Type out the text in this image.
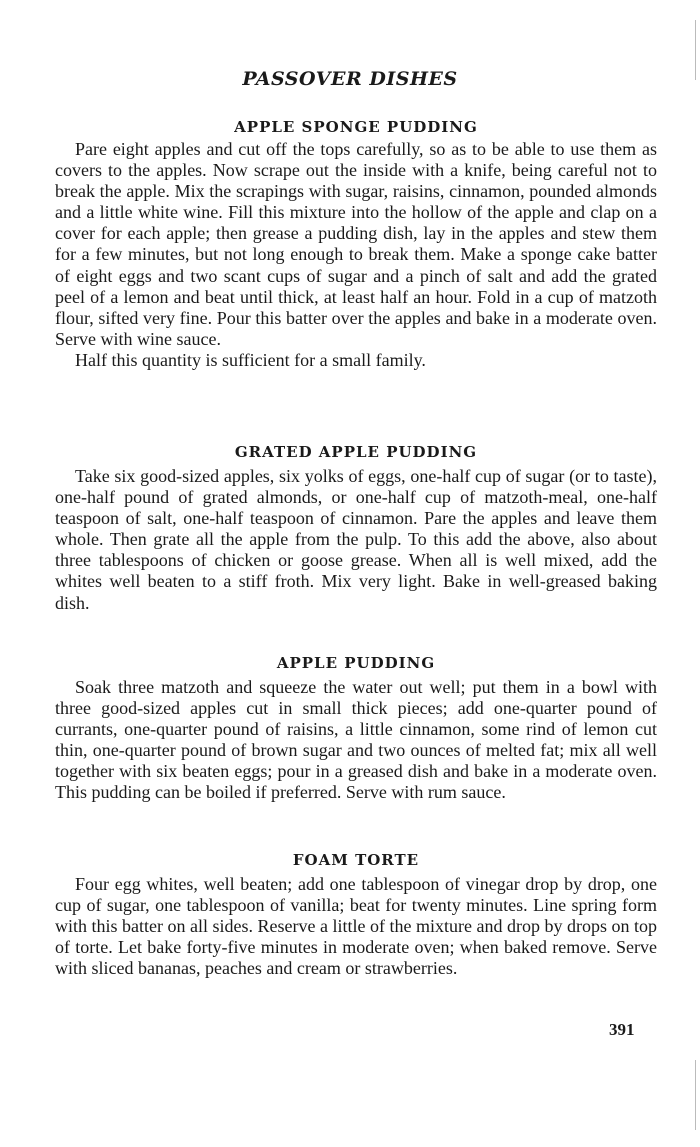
PASSOVER DISHES
APPLE SPONGE PUDDING

Pare eight apples and cut off the tops carefully, so as to be able to use them as covers to the apples. Now scrape out the inside with a knife, being careful not to break the apple. Mix the scrapings with sugar, raisins, cinnamon, pounded almonds and a little white wine. Fill this mixture into the hollow of the apple and clap on a cover for each apple; then grease a pudding dish, lay in the apples and stew them for a few minutes, but not long enough to break them. Make a sponge cake batter of eight eggs and two scant cups of sugar and a pinch of salt and add the grated peel of a lemon and beat until thick, at least half an hour. Fold in a cup of matzoth flour, sifted very fine. Pour this batter over the apples and bake in a moderate oven. Serve with wine sauce.

Half this quantity is sufficient for a small family.

GRATED APPLE PUDDING

Take six good-sized apples, six yolks of eggs, one-half cup of sugar (or to taste), one-half pound of grated almonds, or one-half cup of matzoth-meal, one-half teaspoon of salt, one-half teaspoon of cinnamon. Pare the apples and leave them whole. Then grate all the apple from the pulp. To this add the above, also about three tablespoons of chicken or goose grease. When all is well mixed, add the whites well beaten to a stiff froth. Mix very light. Bake in well-greased baking dish.

APPLE PUDDING

Soak three matzoth and squeeze the water out well; put them in a bowl with three good-sized apples cut in small thick pieces; add one-quarter pound of currants, one-quarter pound of raisins, a little cinnamon, some rind of lemon cut thin, one-quarter pound of brown sugar and two ounces of melted fat; mix all well together with six beaten eggs; pour in a greased dish and bake in a moderate oven. This pudding can be boiled if preferred. Serve with rum sauce.

FOAM TORTE

Four egg whites, well beaten; add one tablespoon of vinegar drop by drop, one cup of sugar, one tablespoon of vanilla; beat for twenty minutes. Line spring form with this batter on all sides. Reserve a little of the mixture and drop by drops on top of torte. Let bake forty-five minutes in moderate oven; when baked remove. Serve with sliced bananas, peaches and cream or strawberries.

391
